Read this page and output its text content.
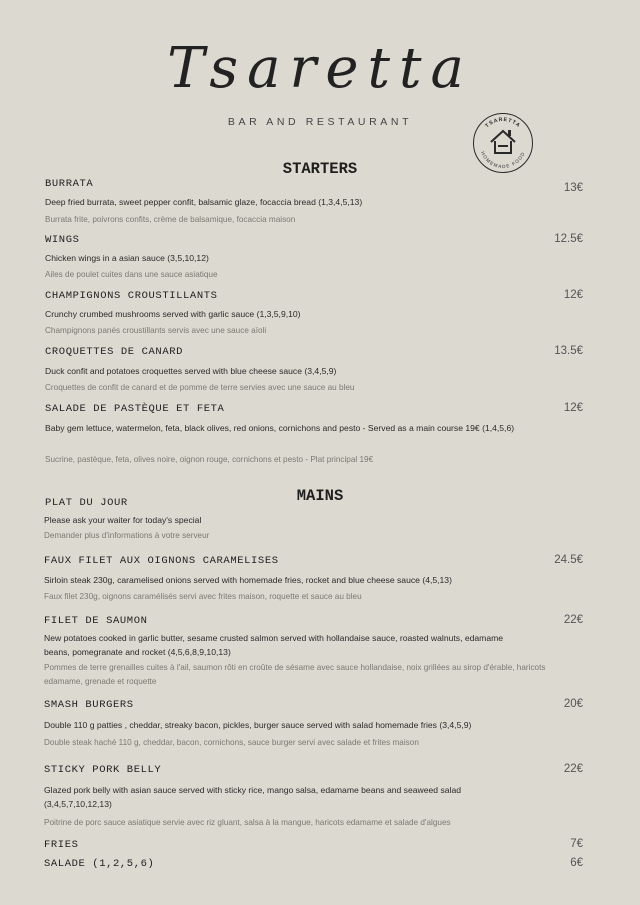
Tsaretta
BAR AND RESTAURANT	TSARETTA
HOMEMADE FOOD
STARTERS
BURRATA	13€
Deep fried burrata, sweet pepper confit, balsamic glaze, focaccia bread (1,3,4,5,13)
Burrata frite, poivrons confits, crème de balsamique, focaccia maison
WINGS	12.5€
Chicken wings in a asian sauce (3,5,10,12)
Ailes de poulet cuites dans une sauce asiatique
CHAMPIGNONS CROUSTILLANTS	12€
Crunchy crumbed mushrooms served with garlic sauce (1,3,5,9,10)
Champignons panés croustillants servis avec une sauce aïoli
CROQUETTES DE CANARD	13.5€
Duck confit and potatoes croquettes served with blue cheese sauce (3,4,5,9)
Croquettes de confit de canard et de pomme de terre servies avec une sauce au bleu
SALADE DE PASTÈQUE ET FETA	12€
Baby gem lettuce, watermelon, feta, black olives, red onions, cornichons and pesto - Served as a main course 19€ (1,4,5,6)
Sucrine, pastèque, feta, olives noire, oignon rouge, cornichons et pesto - Plat principal 19€
MAINS
PLAT DU JOUR
Please ask your waiter for today's special
Demander plus d'informations à votre serveur
FAUX FILET AUX OIGNONS CARAMELISES	24.5€
Sirloin steak 230g, caramelised onions served with homemade fries, rocket and blue cheese sauce (4,5,13)
Faux filet 230g, oignons caramélisés servi avec frites maison, roquette et sauce au bleu
FILET DE SAUMON	22€
New potatoes cooked in garlic butter, sesame crusted salmon served with hollandaise sauce, roasted walnuts, edamame beans, pomegranate and rocket (4,5,6,8,9,10,13)
Pommes de terre grenailles cuites à l'ail, saumon rôti en croûte de sésame avec sauce hollandaise, noix grillées au sirop d'érable, haricots edamame, grenade et roquette
SMASH BURGERS	20€
Double 110 g patties , cheddar, streaky bacon, pickles, burger sauce served with salad homemade fries (3,4,5,9)
Double steak haché 110 g, cheddar, bacon, cornichons, sauce burger servi avec salade et frites maison
STICKY PORK BELLY	22€
Glazed pork belly with asian sauce served with sticky rice, mango salsa, edamame beans and seaweed salad (3,4,5,7,10,12,13)
Poitrine de porc sauce asiatique servie avec riz gluant, salsa à la mangue, haricots edamame et salade d'algues
FRIES	7€
SALADE (1,2,5,6)	6€
